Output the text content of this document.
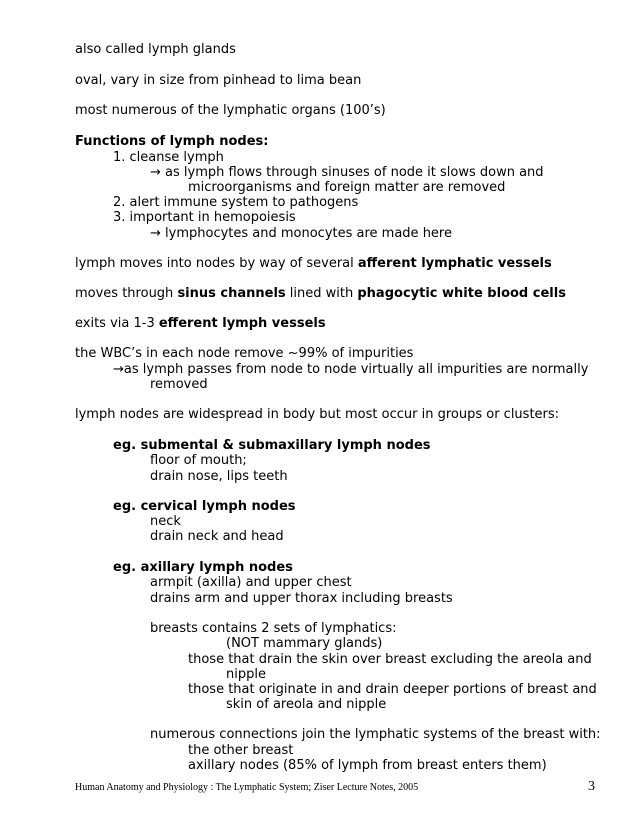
also called lymph glands
oval, vary in size from pinhead to lima bean
most numerous of the lymphatic organs (100’s)
Functions of lymph nodes:
1. cleanse lymph
→ as lymph flows through sinuses of node it slows down and
microorganisms and foreign matter are removed
2. alert immune system to pathogens
3. important in hemopoiesis
→ lymphocytes and monocytes are made here
lymph moves into nodes by way of several afferent lymphatic vessels
moves through sinus channels lined with phagocytic white blood cells
exits via 1-3 efferent lymph vessels
the WBC’s in each node remove ~99% of impurities
→as lymph passes from node to node virtually all impurities are normally
removed
lymph nodes are widespread in body but most occur in groups or clusters:
eg. submental & submaxillary lymph nodes
floor of mouth;
drain nose, lips teeth
eg. cervical lymph nodes
neck
drain neck and head
eg. axillary lymph nodes
armpit (axilla) and upper chest
drains arm and upper thorax including breasts
breasts contains 2 sets of lymphatics:
(NOT mammary glands)
those that drain the skin over breast excluding the areola and
nipple
those that originate in and drain deeper portions of breast and
skin of areola and nipple
numerous connections join the lymphatic systems of the breast with:
the other breast
axillary nodes (85% of lymph from breast enters them)
Human Anatomy and Physiology : The Lymphatic System; Ziser Lecture Notes, 2005	3
